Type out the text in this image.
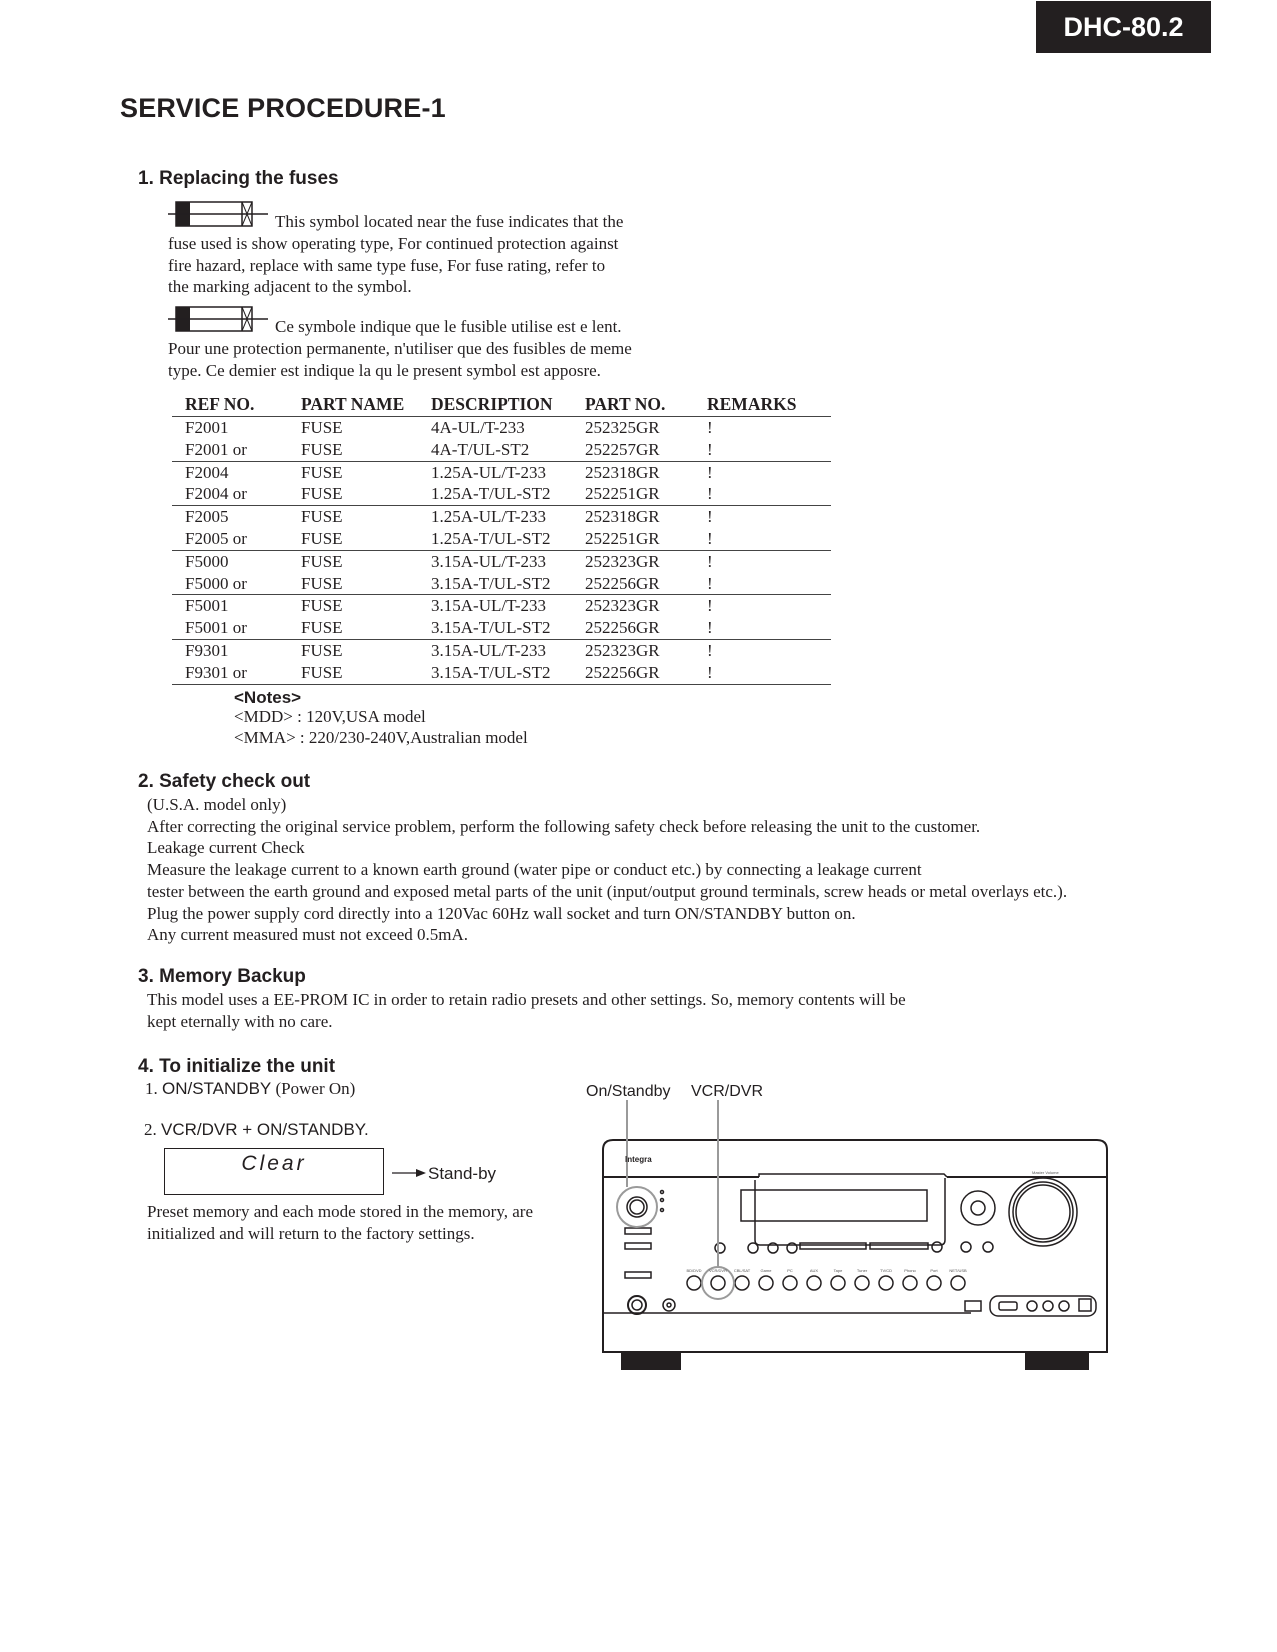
DHC-80.2
SERVICE PROCEDURE-1
1. Replacing the fuses
This symbol located near the fuse indicates that the
fuse used is show operating type, For continued protection against
fire hazard, replace with same type fuse, For fuse rating, refer to
the marking adjacent to the symbol.
Ce symbole indique que le fusible utilise est e lent.
Pour une protection permanente, n'utiliser que des fusibles de meme
type. Ce demier est indique la qu le present symbol est apposre.
REF NO.	PART NAME	DESCRIPTION	PART NO.	REMARKS
F2001	FUSE	4A-UL/T-233	252325GR	!
F2001 or	FUSE	4A-T/UL-ST2	252257GR	!
F2004	FUSE	1.25A-UL/T-233	252318GR	!
F2004 or	FUSE	1.25A-T/UL-ST2	252251GR	!
F2005	FUSE	1.25A-UL/T-233	252318GR	!
F2005 or	FUSE	1.25A-T/UL-ST2	252251GR	!
F5000	FUSE	3.15A-UL/T-233	252323GR	!
F5000 or	FUSE	3.15A-T/UL-ST2	252256GR	!
F5001	FUSE	3.15A-UL/T-233	252323GR	!
F5001 or	FUSE	3.15A-T/UL-ST2	252256GR	!
F9301	FUSE	3.15A-UL/T-233	252323GR	!
F9301 or	FUSE	3.15A-T/UL-ST2	252256GR	!
<Notes>
<MDD> : 120V,USA model
<MMA> : 220/230-240V,Australian model
2. Safety check out
(U.S.A. model only)
After correcting the original service problem, perform the following safety check before releasing the unit to the customer.
Leakage current Check
Measure the leakage current to a known earth ground (water pipe or conduct etc.) by connecting a leakage current
tester between the earth ground and exposed metal parts of the unit (input/output ground terminals, screw heads or metal overlays etc.).
Plug the power supply cord directly into a 120Vac 60Hz wall socket and turn ON/STANDBY button on.
Any current measured must not exceed 0.5mA.
3. Memory Backup
This model uses a EE-PROM IC in order to retain radio presets and other settings. So, memory contents will be
kept eternally with no care.
4. To initialize the unit
1. ON/STANDBY (Power On)
2. VCR/DVR + ON/STANDBY.
Clear	Stand-by
Preset memory and each mode stored in the memory, are
initialized and will return to the factory settings.
On/Standby VCR/DVR
Integra
Master Volume
BD/DVD VCR/DVR CBL/SAT	Game	PC	AUX	Tape	Tuner	TV/CD	Phono	Port	NET/USB
